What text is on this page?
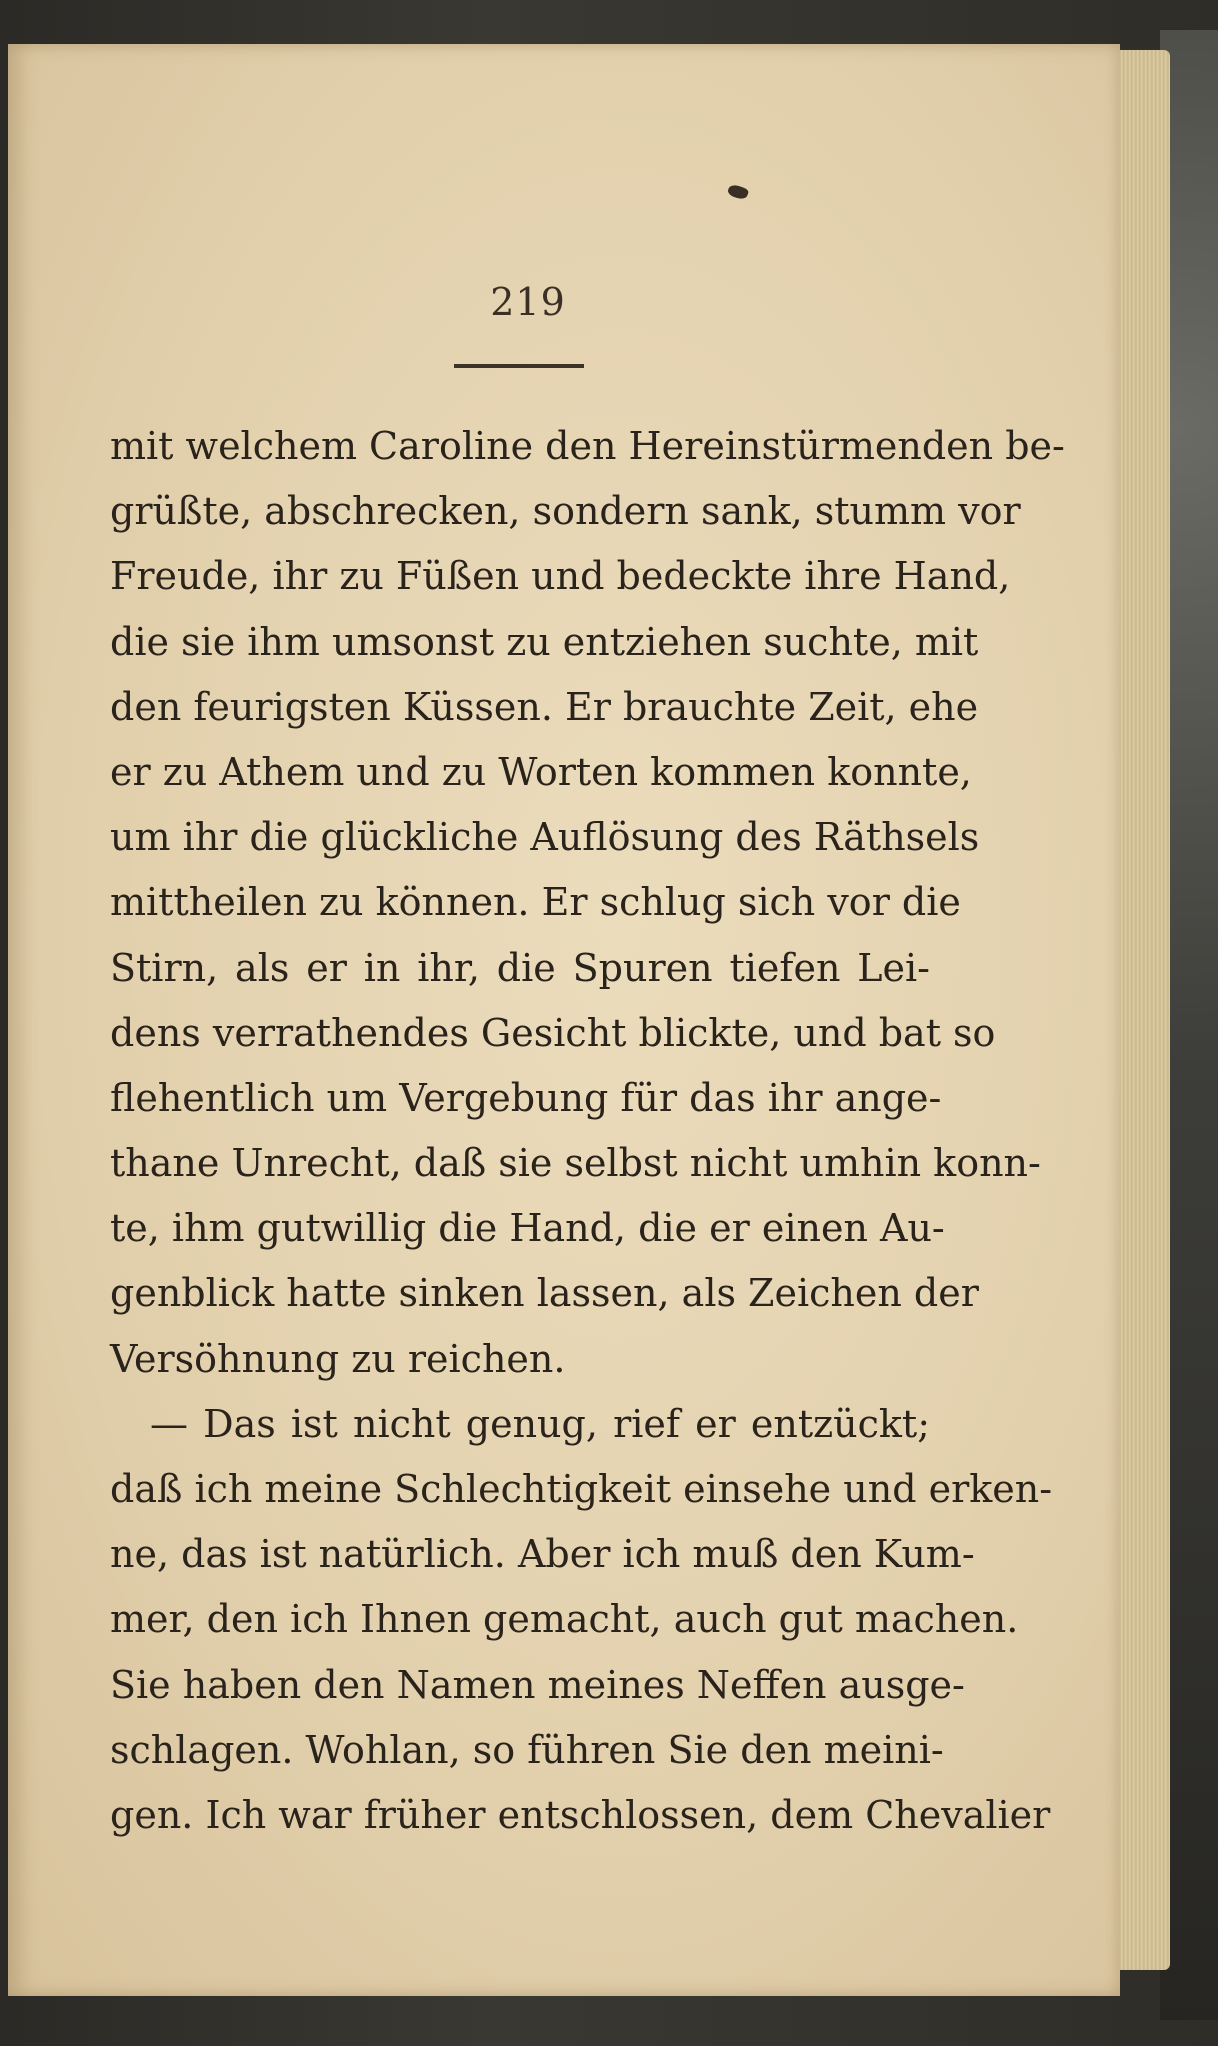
219
mit welchem Caroline den Hereinstürmenden be-
grüßte, abschrecken, sondern sank, stumm vor
Freude, ihr zu Füßen und bedeckte ihre Hand,
die sie ihm umsonst zu entziehen suchte, mit
den feurigsten Küssen. Er brauchte Zeit, ehe
er zu Athem und zu Worten kommen konnte,
um ihr die glückliche Auflösung des Räthsels
mittheilen zu können. Er schlug sich vor die
Stirn, als er in ihr, die Spuren tiefen Lei-
dens verrathendes Gesicht blickte, und bat so
flehentlich um Vergebung für das ihr ange-
thane Unrecht, daß sie selbst nicht umhin konn-
te, ihm gutwillig die Hand, die er einen Au-
genblick hatte sinken lassen, als Zeichen der
Versöhnung zu reichen.
— Das ist nicht genug, rief er entzückt;
daß ich meine Schlechtigkeit einsehe und erken-
ne, das ist natürlich. Aber ich muß den Kum-
mer, den ich Ihnen gemacht, auch gut machen.
Sie haben den Namen meines Neffen ausge-
schlagen. Wohlan, so führen Sie den meini-
gen. Ich war früher entschlossen, dem Chevalier
